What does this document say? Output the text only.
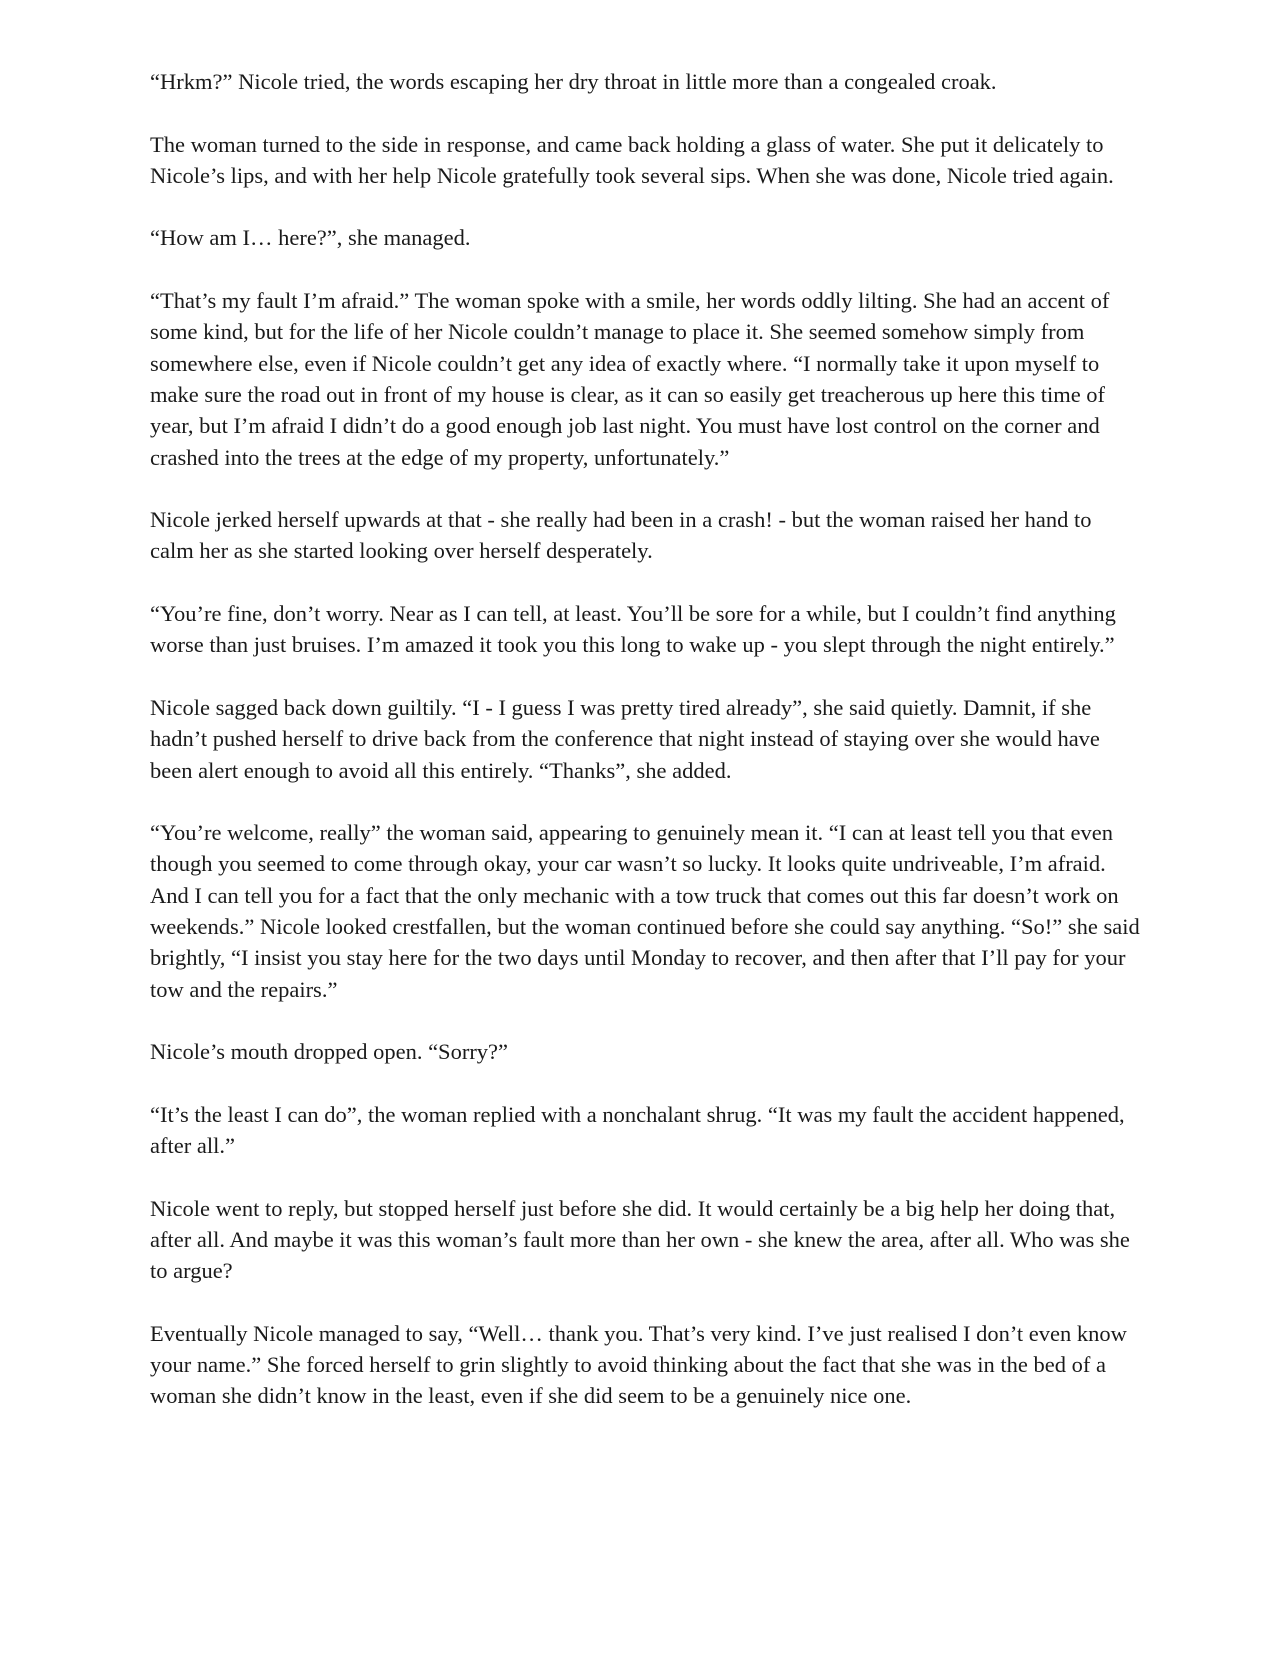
“Hrkm?” Nicole tried, the words escaping her dry throat in little more than a congealed croak.

The woman turned to the side in response, and came back holding a glass of water. She put it delicately to Nicole’s lips, and with her help Nicole gratefully took several sips. When she was done, Nicole tried again.

“How am I… here?”, she managed.

“That’s my fault I’m afraid.” The woman spoke with a smile, her words oddly lilting. She had an accent of some kind, but for the life of her Nicole couldn’t manage to place it. She seemed somehow simply from somewhere else, even if Nicole couldn’t get any idea of exactly where. “I normally take it upon myself to make sure the road out in front of my house is clear, as it can so easily get treacherous up here this time of year, but I’m afraid I didn’t do a good enough job last night. You must have lost control on the corner and crashed into the trees at the edge of my property, unfortunately.”

Nicole jerked herself upwards at that - she really had been in a crash! - but the woman raised her hand to calm her as she started looking over herself desperately.

“You’re fine, don’t worry. Near as I can tell, at least. You’ll be sore for a while, but I couldn’t find anything worse than just bruises. I’m amazed it took you this long to wake up - you slept through the night entirely.”

Nicole sagged back down guiltily. “I - I guess I was pretty tired already”, she said quietly. Damnit, if she hadn’t pushed herself to drive back from the conference that night instead of staying over she would have been alert enough to avoid all this entirely. “Thanks”, she added.

“You’re welcome, really” the woman said, appearing to genuinely mean it. “I can at least tell you that even though you seemed to come through okay, your car wasn’t so lucky. It looks quite undriveable, I’m afraid. And I can tell you for a fact that the only mechanic with a tow truck that comes out this far doesn’t work on weekends.” Nicole looked crestfallen, but the woman continued before she could say anything. “So!” she said brightly, “I insist you stay here for the two days until Monday to recover, and then after that I’ll pay for your tow and the repairs.”

Nicole’s mouth dropped open. “Sorry?”

“It’s the least I can do”, the woman replied with a nonchalant shrug. “It was my fault the accident happened, after all.”

Nicole went to reply, but stopped herself just before she did. It would certainly be a big help her doing that, after all. And maybe it was this woman’s fault more than her own - she knew the area, after all. Who was she to argue?

Eventually Nicole managed to say, “Well… thank you. That’s very kind. I’ve just realised I don’t even know your name.” She forced herself to grin slightly to avoid thinking about the fact that she was in the bed of a woman she didn’t know in the least, even if she did seem to be a genuinely nice one.
